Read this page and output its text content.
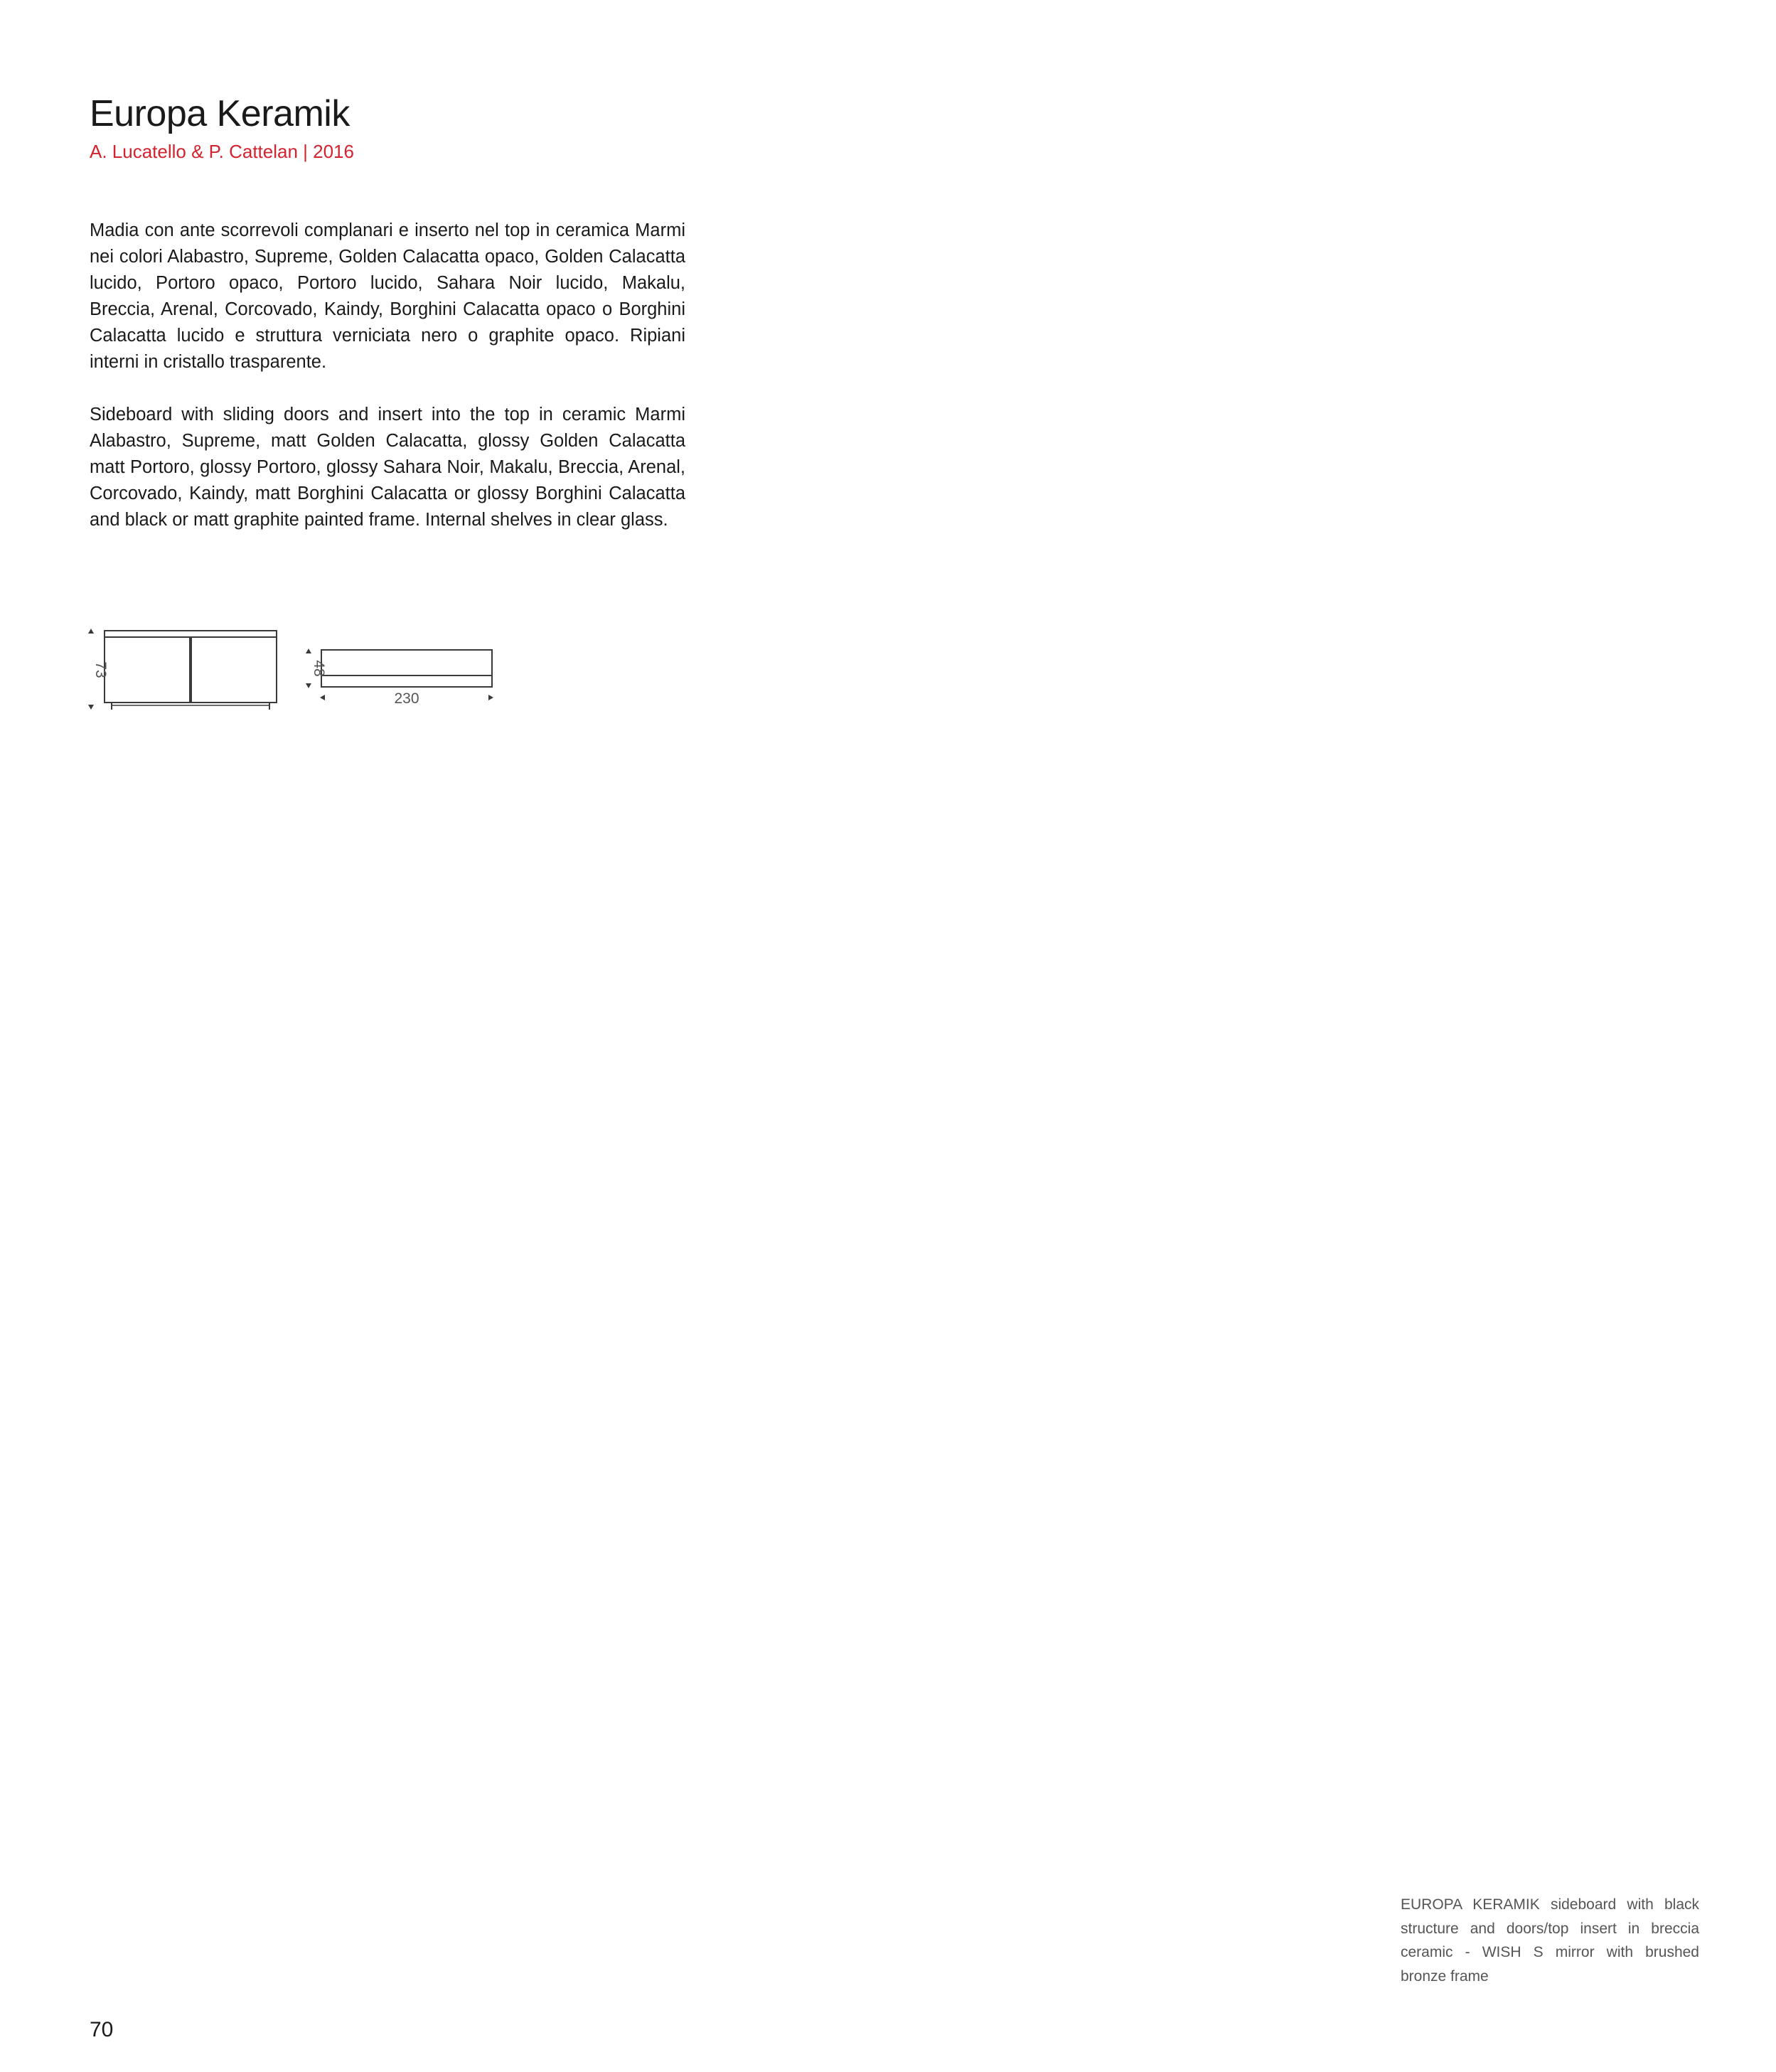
Europa Keramik

A. Lucatello & P. Cattelan | 2016

Madia con ante scorrevoli complanari e inserto nel top in ceramica Marmi nei colori Alabastro, Supreme, Golden Calacatta opaco, Golden Calacatta lucido, Portoro opaco, Portoro lucido, Sahara Noir lucido, Makalu, Breccia, Arenal, Corcovado, Kaindy, Borghini Calacatta opaco o Borghini Calacatta lucido e struttura verniciata nero o graphite opaco. Ripiani interni in cristallo trasparente.

Sideboard with sliding doors and insert into the top in ceramic Marmi Alabastro, Supreme, matt Golden Calacatta, glossy Golden Calacatta matt Portoro, glossy Portoro, glossy Sahara Noir, Makalu, Breccia, Arenal, Corcovado, Kaindy, matt Borghini Calacatta or glossy Borghini Calacatta and black or matt graphite painted frame. Internal shelves in clear glass.

73	48
230

EUROPA KERAMIK sideboard with black structure and doors/top insert in breccia ceramic - WISH S mirror with brushed bronze frame

70
